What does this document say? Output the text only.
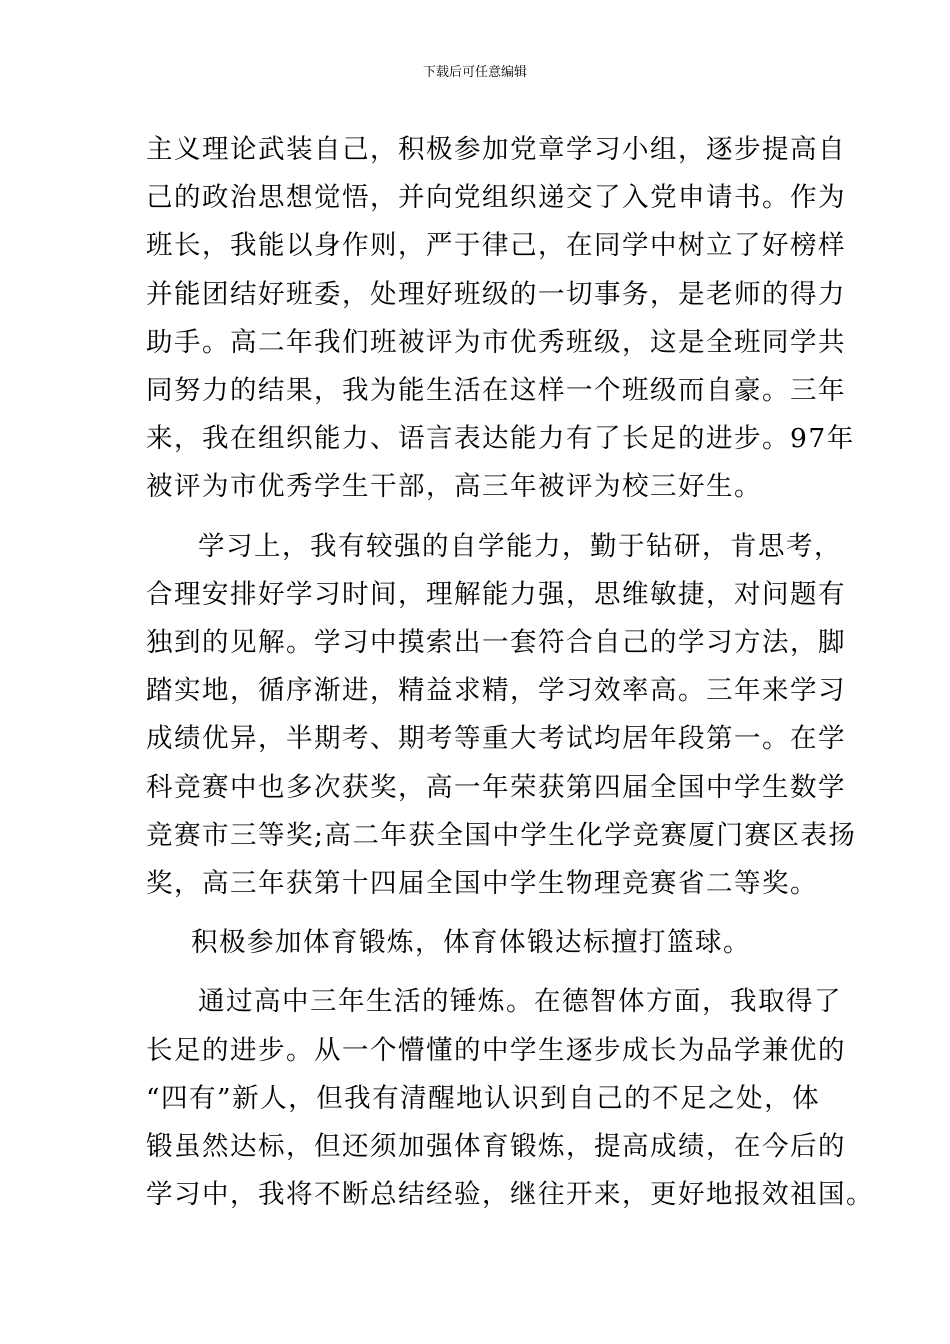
下载后可任意编辑
主义理论武装自己，积极参加党章学习小组，逐步提高自
己的政治思想觉悟，并向党组织递交了入党申请书。作为
班长，我能以身作则，严于律己，在同学中树立了好榜样
并能团结好班委，处理好班级的一切事务，是老师的得力
助手。高二年我们班被评为市优秀班级，这是全班同学共
同努力的结果，我为能生活在这样一个班级而自豪。三年
来，我在组织能力、语言表达能力有了长足的进步。97年
被评为市优秀学生干部，高三年被评为校三好生。
学习上，我有较强的自学能力，勤于钻研，肯思考，
合理安排好学习时间，理解能力强，思维敏捷，对问题有
独到的见解。学习中摸索出一套符合自己的学习方法，脚
踏实地，循序渐进，精益求精，学习效率高。三年来学习
成绩优异，半期考、期考等重大考试均居年段第一。在学
科竞赛中也多次获奖，高一年荣获第四届全国中学生数学
竞赛市三等奖;高二年获全国中学生化学竞赛厦门赛区表扬
奖，高三年获第十四届全国中学生物理竞赛省二等奖。
积极参加体育锻炼，体育体锻达标擅打篮球。
通过高中三年生活的锤炼。在德智体方面，我取得了
长足的进步。从一个懵懂的中学生逐步成长为品学兼优的
“四有”新人，但我有清醒地认识到自己的不足之处，体
锻虽然达标，但还须加强体育锻炼，提高成绩，在今后的
学习中，我将不断总结经验，继往开来，更好地报效祖国。
